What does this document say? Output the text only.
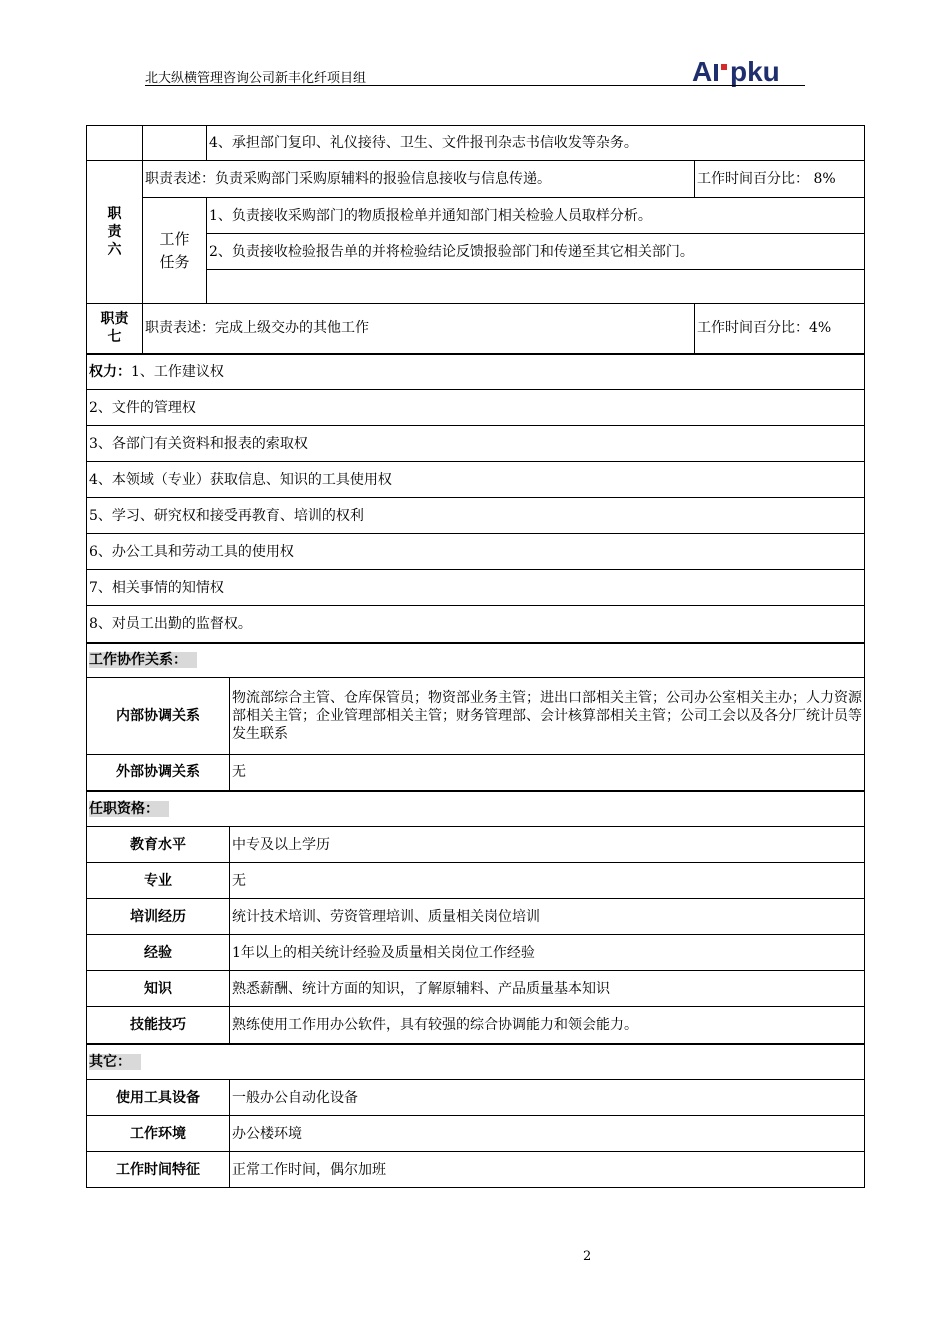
北大纵横管理咨询公司新丰化纤项目组	A pku
		4、承担部门复印、礼仪接待、卫生、文件报刊杂志书信收发等杂务。		
职
责
六	职责表述：负责采购部门采购原辅料的报验信息接收与信息传递。			工作时间百分比： 8%
	工作
任务	1、负责接收采购部门的物质报检单并通知部门相关检验人员取样分析。		
		2、负责接收检验报告单的并将检验结论反馈报验部门和传递至其它相关部门。		

职责
七	职责表述：完成上级交办的其他工作			工作时间百分比：4%
权力：1、工作建议权				
2、文件的管理权				
3、各部门有关资料和报表的索取权				
4、本领域（专业）获取信息、知识的工具使用权				
5、学习、研究权和接受再教育、培训的权利				
6、办公工具和劳动工具的使用权				
7、相关事情的知情权				
8、对员工出勤的监督权。				
工作协作关系：				
内部协调关系			物流部综合主管、仓库保管员；物资部业务主管；进出口部相关主管；公司办公室相关主办；人力资源部相关主管；企业管理部相关主管；财务管理部、会计核算部相关主管；公司工会以及各分厂统计员等发生联系	
外部协调关系			无	
任职资格：				
教育水平			中专及以上学历	
专业			无	
培训经历			统计技术培训、劳资管理培训、质量相关岗位培训	
经验			1年以上的相关统计经验及质量相关岗位工作经验	
知识			熟悉薪酬、统计方面的知识，了解原辅料、产品质量基本知识	
技能技巧			熟练使用工作用办公软件，具有较强的综合协调能力和领会能力。	
其它：				
使用工具设备			一般办公自动化设备	
工作环境			办公楼环境	
工作时间特征			正常工作时间，偶尔加班	
2
